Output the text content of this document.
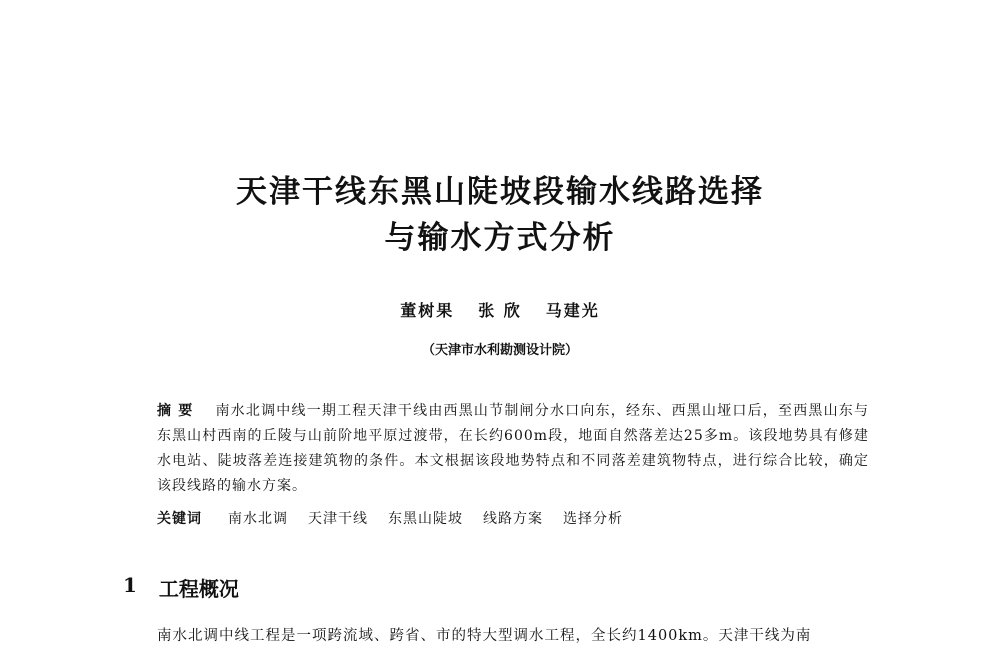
天津干线东黑山陡坡段输水线路选择
与输水方式分析
董树果 张 欣 马建光
（天津市水利勘测设计院）
摘 要 南水北调中线一期工程天津干线由西黑山节制闸分水口向东，经东、西黑山垭口后，至西黑山东与东黑山村西南的丘陵与山前阶地平原过渡带，在长约600m段，地面自然落差达25多m。该段地势具有修建水电站、陡坡落差连接建筑物的条件。本文根据该段地势特点和不同落差建筑物特点，进行综合比较，确定该段线路的输水方案。
关键词 南水北调 天津干线 东黑山陡坡 线路方案 选择分析
1 工程概况
南水北调中线工程是一项跨流域、跨省、市的特大型调水工程，全长约1400km。天津干线为南
